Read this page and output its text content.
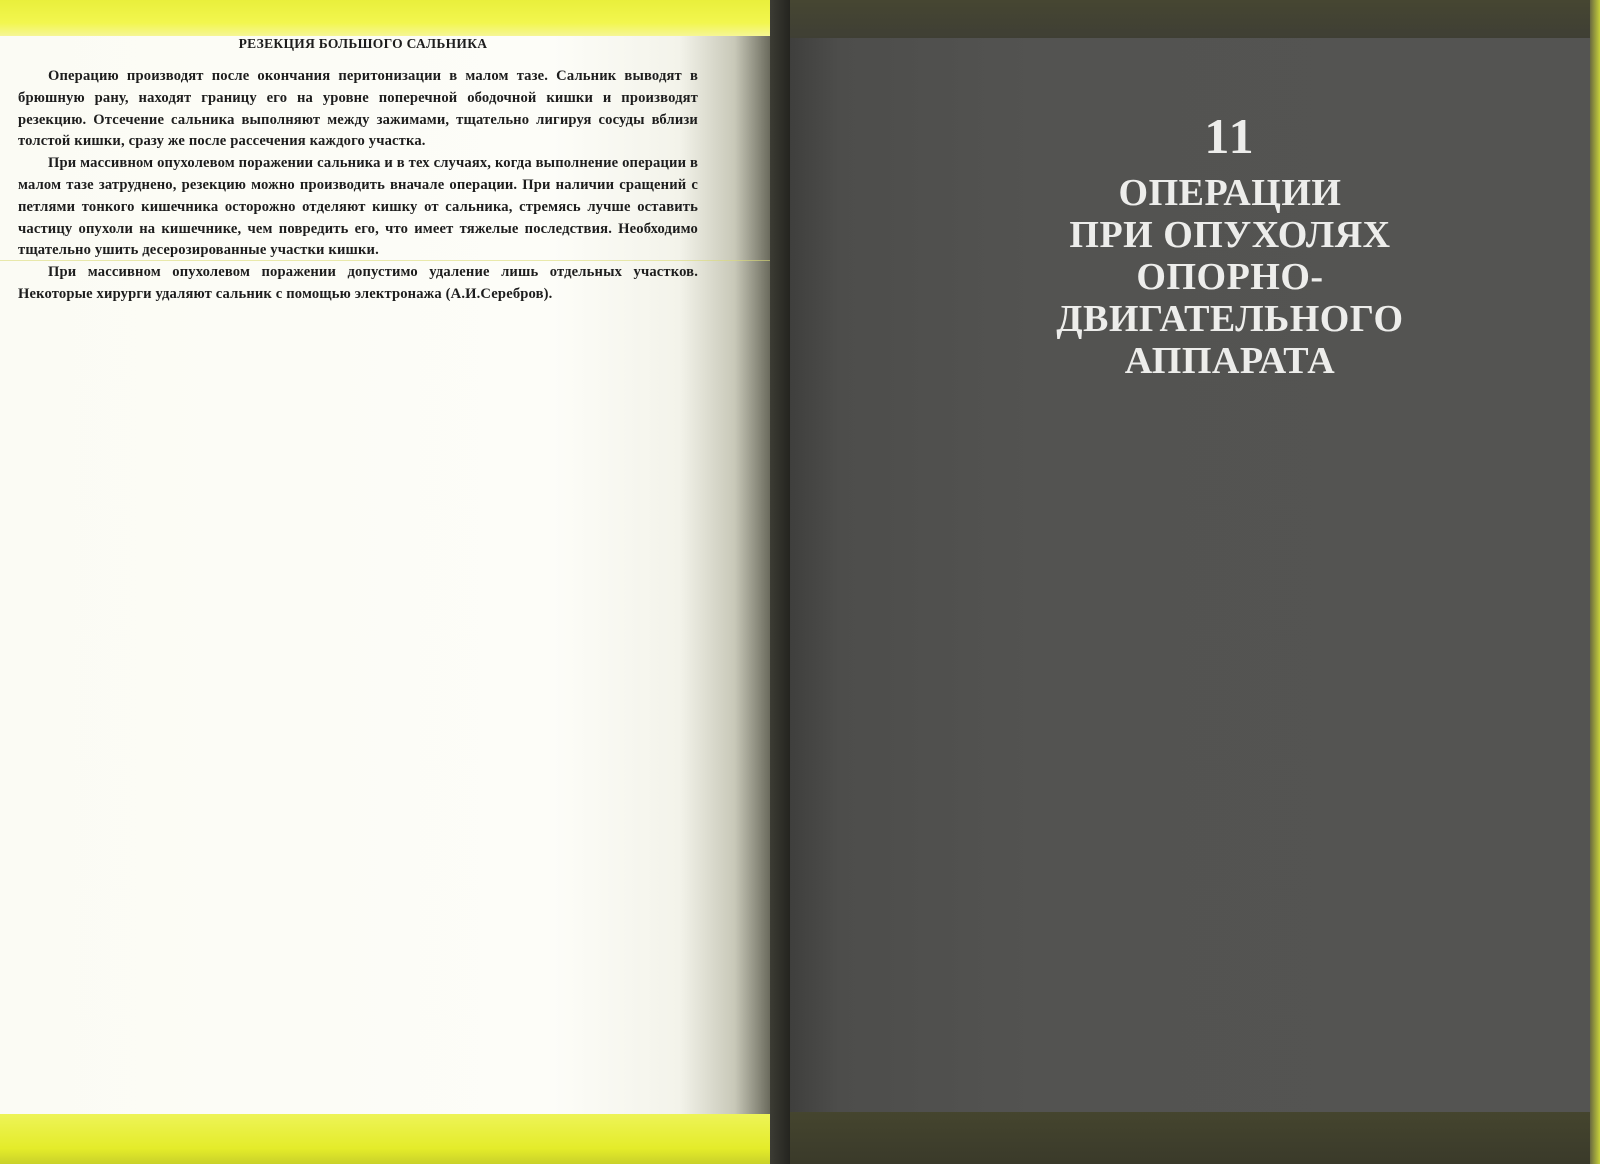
РЕЗЕКЦИЯ БОЛЬШОГО САЛЬНИКА

Операцию производят после окончания перитонизации в малом тазе. Сальник выводят в брюшную рану, находят границу его на уровне поперечной ободочной кишки и производят резекцию. Отсечение сальника выполняют между зажимами, тщательно лигируя сосуды вблизи толстой кишки, сразу же после рассечения каждого участка.

При массивном опухолевом поражении сальника и в тех случаях, когда выполнение операции в малом тазе затруднено, резекцию можно производить вначале операции. При наличии сращений с петлями тонкого кишечника осторожно отделяют кишку от сальника, стремясь лучше оставить частицу опухоли на кишечнике, чем повредить его, что имеет тяжелые последствия. Необходимо тщательно ушить десерозированные участки кишки.

При массивном опухолевом поражении допустимо удаление лишь отдельных участков. Некоторые хирурги удаляют сальник с помощью электронажа (А.И.Серебров).

11
ОПЕРАЦИИ
ПРИ ОПУХОЛЯХ
ОПОРНО-
ДВИГАТЕЛЬНОГО
АППАРАТА
